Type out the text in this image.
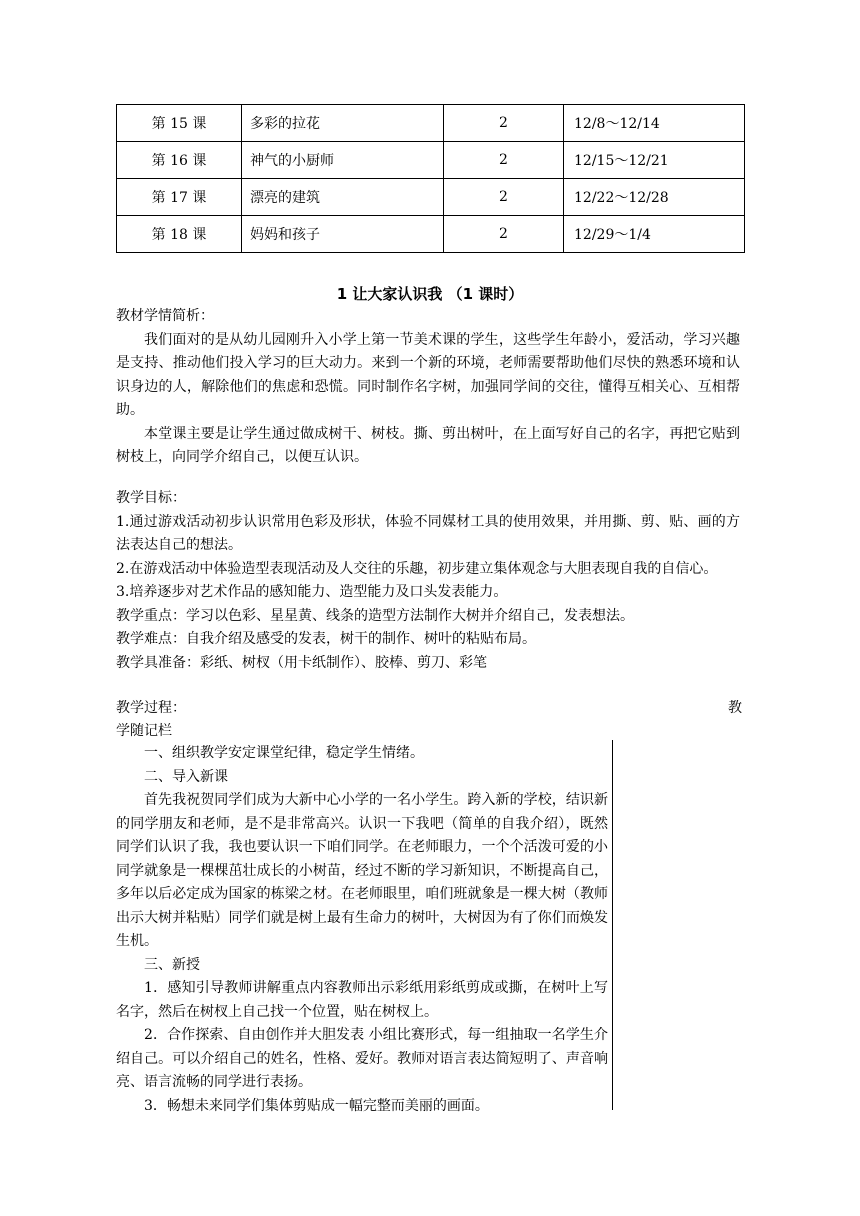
第 15 课	多彩的拉花	2	12/8～12/14
第 16 课	神气的小厨师	2	12/15～12/21
第 17 课	漂亮的建筑	2	12/22～12/28
第 18 课	妈妈和孩子	2	12/29～1/4
1 让大家认识我 （1 课时）

教材学情简析：

我们面对的是从幼儿园刚升入小学上第一节美术课的学生，这些学生年龄小，爱活动，学习兴趣是支持、推动他们投入学习的巨大动力。来到一个新的环境，老师需要帮助他们尽快的熟悉环境和认识身边的人，解除他们的焦虑和恐慌。同时制作名字树，加强同学间的交往，懂得互相关心、互相帮助。

本堂课主要是让学生通过做成树干、树枝。撕、剪出树叶，在上面写好自己的名字，再把它贴到树枝上，向同学介绍自己，以便互认识。

教学目标：

1.通过游戏活动初步认识常用色彩及形状，体验不同媒材工具的使用效果，并用撕、剪、贴、画的方法表达自己的想法。

2.在游戏活动中体验造型表现活动及人交往的乐趣，初步建立集体观念与大胆表现自我的自信心。

3.培养逐步对艺术作品的感知能力、造型能力及口头发表能力。

教学重点：学习以色彩、星星黄、线条的造型方法制作大树并介绍自己，发表想法。

教学难点：自我介绍及感受的发表，树干的制作、树叶的粘贴布局。

教学具准备：彩纸、树杈（用卡纸制作）、胶棒、剪刀、彩笔

教学过程：	教
学随记栏

一、组织教学安定课堂纪律，稳定学生情绪。

二、导入新课

首先我祝贺同学们成为大新中心小学的一名小学生。跨入新的学校，结识新的同学朋友和老师，是不是非常高兴。认识一下我吧（简单的自我介绍），既然同学们认识了我，我也要认识一下咱们同学。在老师眼力，一个个活泼可爱的小同学就象是一棵棵茁壮成长的小树苗，经过不断的学习新知识，不断提高自己，多年以后必定成为国家的栋梁之材。在老师眼里，咱们班就象是一棵大树（教师出示大树并粘贴）同学们就是树上最有生命力的树叶，大树因为有了你们而焕发生机。

三、新授

1．感知引导教师讲解重点内容教师出示彩纸用彩纸剪成或撕，在树叶上写名字，然后在树杈上自己找一个位置，贴在树杈上。

2．合作探索、自由创作并大胆发表 小组比赛形式，每一组抽取一名学生介绍自己。可以介绍自己的姓名，性格、爱好。教师对语言表达简短明了、声音响亮、语言流畅的同学进行表扬。

3．畅想未来同学们集体剪贴成一幅完整而美丽的画面。
